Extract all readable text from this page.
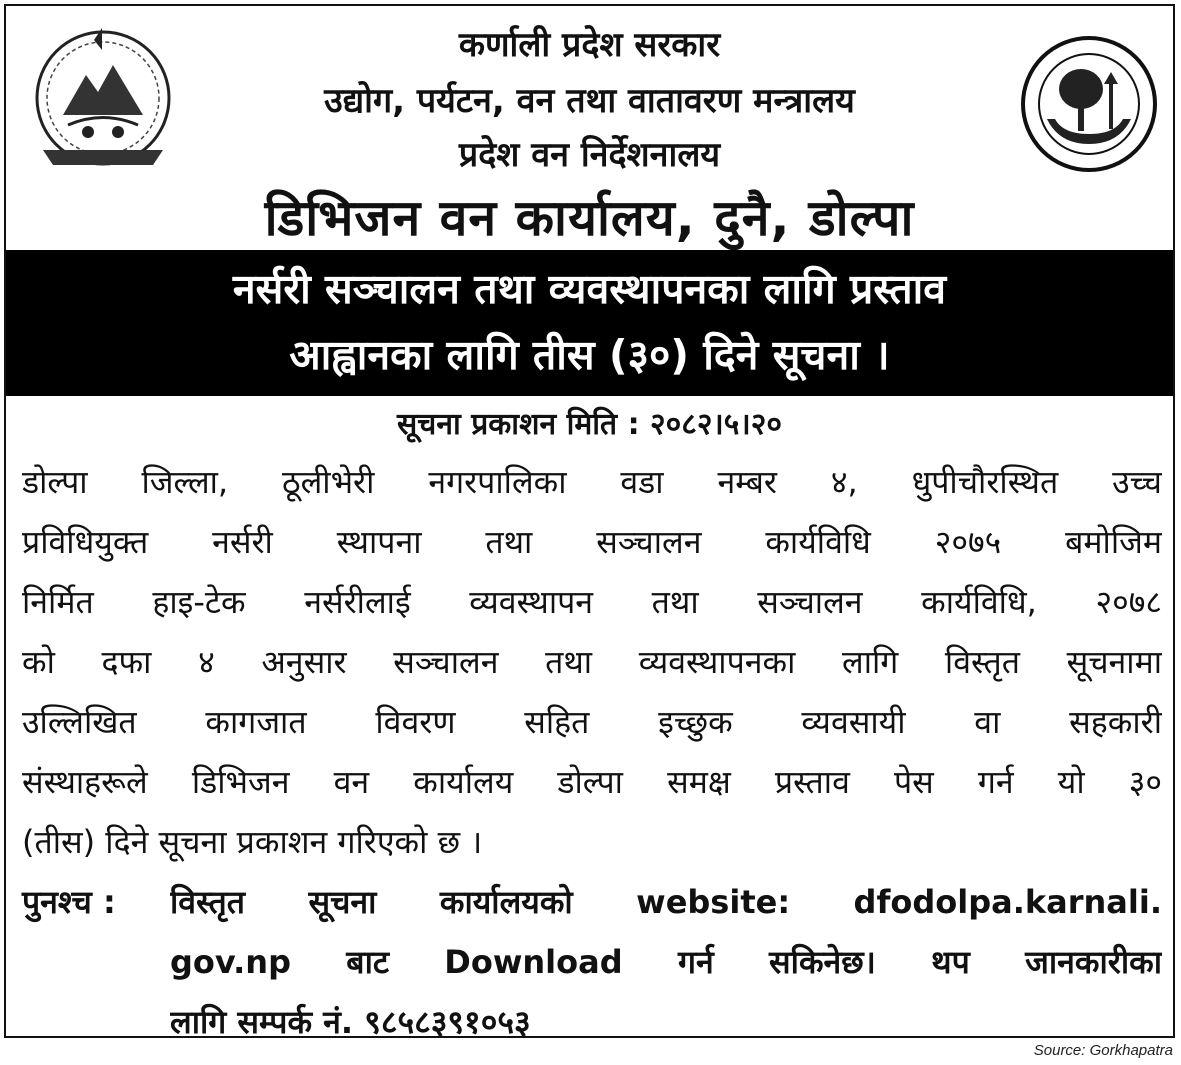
कर्णाली प्रदेश सरकार
उद्योग, पर्यटन, वन तथा वातावरण मन्त्रालय
प्रदेश वन निर्देशनालय
डिभिजन वन कार्यालय, दुनै, डोल्पा
नर्सरी सञ्चालन तथा व्यवस्थापनका लागि प्रस्ताव
आह्वानका लागि तीस (३०) दिने सूचना ।
सूचना प्रकाशन मिति : २०८२।५।२०
डोल्पा जिल्ला, ठूलीभेरी नगरपालिका वडा नम्बर ४, धुपीचौरस्थित उच्च
प्रविधियुक्त नर्सरी स्थापना तथा सञ्चालन कार्यविधि २०७५ बमोजिम
निर्मित हाइ-टेक नर्सरीलाई व्यवस्थापन तथा सञ्चालन कार्यविधि, २०७८
को दफा ४ अनुसार सञ्चालन तथा व्यवस्थापनका लागि विस्तृत सूचनामा
उल्लिखित कागजात विवरण सहित इच्छुक व्यवसायी वा सहकारी
संस्थाहरूले डिभिजन वन कार्यालय डोल्पा समक्ष प्रस्ताव पेस गर्न यो ३०
(तीस) दिने सूचना प्रकाशन गरिएको छ ।
पुनश्च : विस्तृत सूचना कार्यालयको website: dfodolpa.karnali.
gov.np बाट Download गर्न सकिनेछ। थप जानकारीका
लागि सम्पर्क नं. ९८५८३९१०५३
Source: Gorkhapatra
